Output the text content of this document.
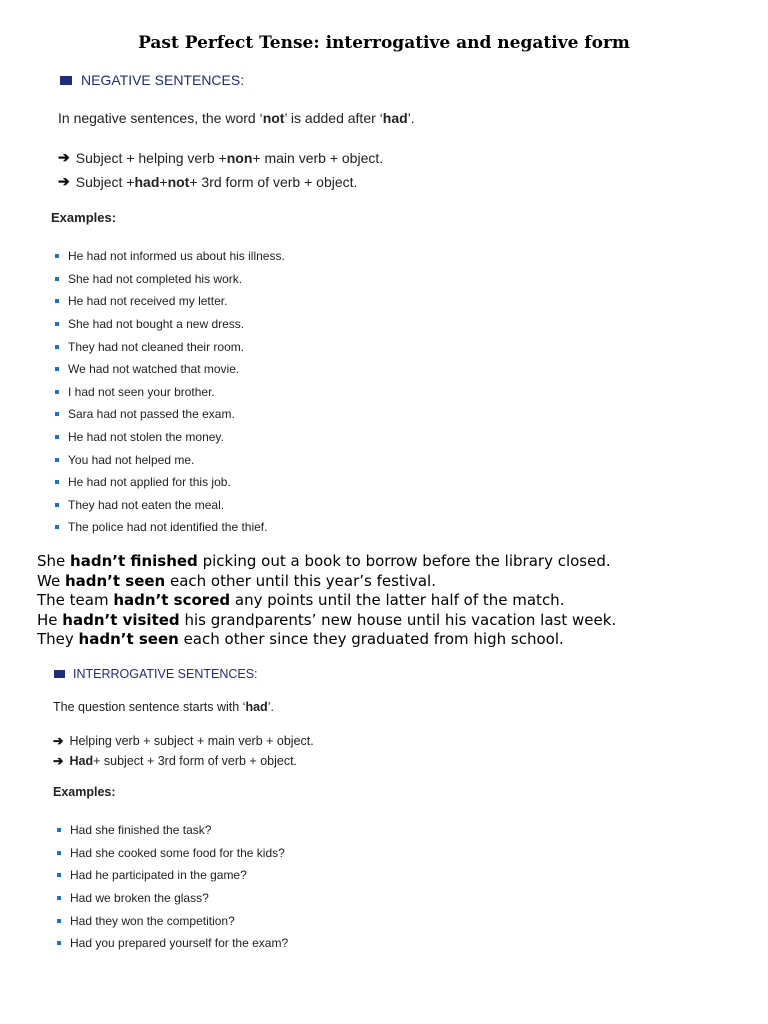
Past Perfect Tense: interrogative and negative form
NEGATIVE SENTENCES:
In negative sentences, the word ‘not’ is added after ‘had’.
➔ Subject + helping verb + non + main verb + object.
➔ Subject + had + not + 3rd form of verb + object.
Examples:
He had not informed us about his illness.
She had not completed his work.
He had not received my letter.
She had not bought a new dress.
They had not cleaned their room.
We had not watched that movie.
I had not seen your brother.
Sara had not passed the exam.
He had not stolen the money.
You had not helped me.
He had not applied for this job.
They had not eaten the meal.
The police had not identified the thief.
She hadn’t finished picking out a book to borrow before the library closed.
We hadn’t seen each other until this year’s festival.
The team hadn’t scored any points until the latter half of the match.
He hadn’t visited his grandparents’ new house until his vacation last week.
They hadn’t seen each other since they graduated from high school.
INTERROGATIVE SENTENCES:
The question sentence starts with ‘had’.
➔ Helping verb + subject + main verb + object.
➔ Had + subject + 3rd form of verb + object.
Examples:
Had she finished the task?
Had she cooked some food for the kids?
Had he participated in the game?
Had we broken the glass?
Had they won the competition?
Had you prepared yourself for the exam?
